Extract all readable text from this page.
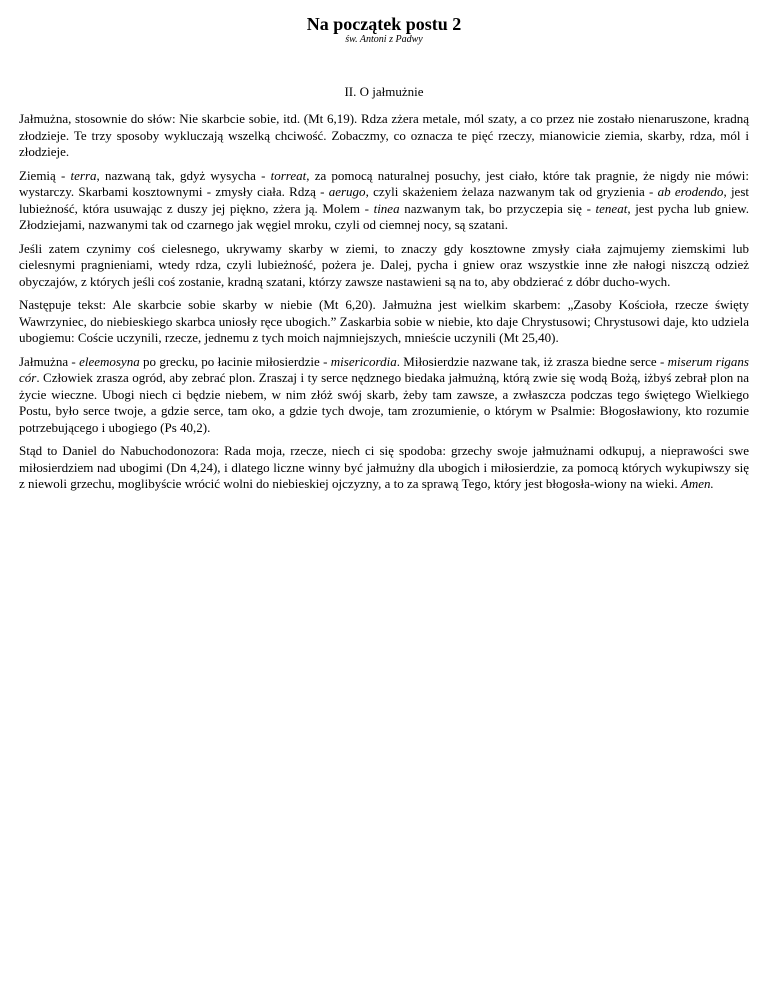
Na początek postu 2

św. Antoni z Padwy

II. O jałmużnie

Jałmużna, stosownie do słów: Nie skarbcie sobie, itd. (Mt 6,19). Rdza zżera metale, mól szaty, a co przez nie zostało nienaruszone, kradną złodzieje. Te trzy sposoby wykluczają wszelką chciwość. Zobaczmy, co oznacza te pięć rzeczy, mianowicie ziemia, skarby, rdza, mól i złodzieje.

Ziemią - terra, nazwaną tak, gdyż wysycha - torreat, za pomocą naturalnej posuchy, jest ciało, które tak pragnie, że nigdy nie mówi: wystarczy. Skarbami kosztownymi - zmysły ciała. Rdzą - aerugo, czyli skażeniem żelaza nazwanym tak od gryzienia - ab erodendo, jest lubieżność, która usuwając z duszy jej piękno, zżera ją. Molem - tinea nazwanym tak, bo przyczepia się - teneat, jest pycha lub gniew. Złodziejami, nazwanymi tak od czarnego jak węgiel mroku, czyli od ciemnej nocy, są szatani.

Jeśli zatem czynimy coś cielesnego, ukrywamy skarby w ziemi, to znaczy gdy kosztowne zmysły ciała zajmujemy ziemskimi lub cielesnymi pragnieniami, wtedy rdza, czyli lubieżność, pożera je. Dalej, pycha i gniew oraz wszystkie inne złe nałogi niszczą odzież obyczajów, z których jeśli coś zostanie, kradną szatani, którzy zawsze nastawieni są na to, aby obdzierać z dóbr ducho-wych.

Następuje tekst: Ale skarbcie sobie skarby w niebie (Mt 6,20). Jałmużna jest wielkim skarbem: „Zasoby Kościoła, rzecze święty Wawrzyniec, do niebieskiego skarbca uniosły ręce ubogich.” Zaskarbia sobie w niebie, kto daje Chrystusowi; Chrystusowi daje, kto udziela ubogiemu: Coście uczynili, rzecze, jednemu z tych moich najmniejszych, mnieście uczynili (Mt 25,40).

Jałmużna - eleemosyna po grecku, po łacinie miłosierdzie - misericordia. Miłosierdzie nazwane tak, iż zrasza biedne serce - miserum rigans cór. Człowiek zrasza ogród, aby zebrać plon. Zraszaj i ty serce nędznego biedaka jałmużną, którą zwie się wodą Bożą, iżbyś zebrał plon na życie wieczne. Ubogi niech ci będzie niebem, w nim złóż swój skarb, żeby tam zawsze, a zwłaszcza podczas tego świętego Wielkiego Postu, było serce twoje, a gdzie serce, tam oko, a gdzie tych dwoje, tam zrozumienie, o którym w Psalmie: Błogosławiony, kto rozumie potrzebującego i ubogiego (Ps 40,2).

Stąd to Daniel do Nabuchodonozora: Rada moja, rzecze, niech ci się spodoba: grzechy swoje jałmużnami odkupuj, a nieprawości swe miłosierdziem nad ubogimi (Dn 4,24), i dlatego liczne winny być jałmużny dla ubogich i miłosierdzie, za pomocą których wykupiwszy się z niewoli grzechu, moglibyście wrócić wolni do niebieskiej ojczyzny, a to za sprawą Tego, który jest błogosła-wiony na wieki. Amen.
